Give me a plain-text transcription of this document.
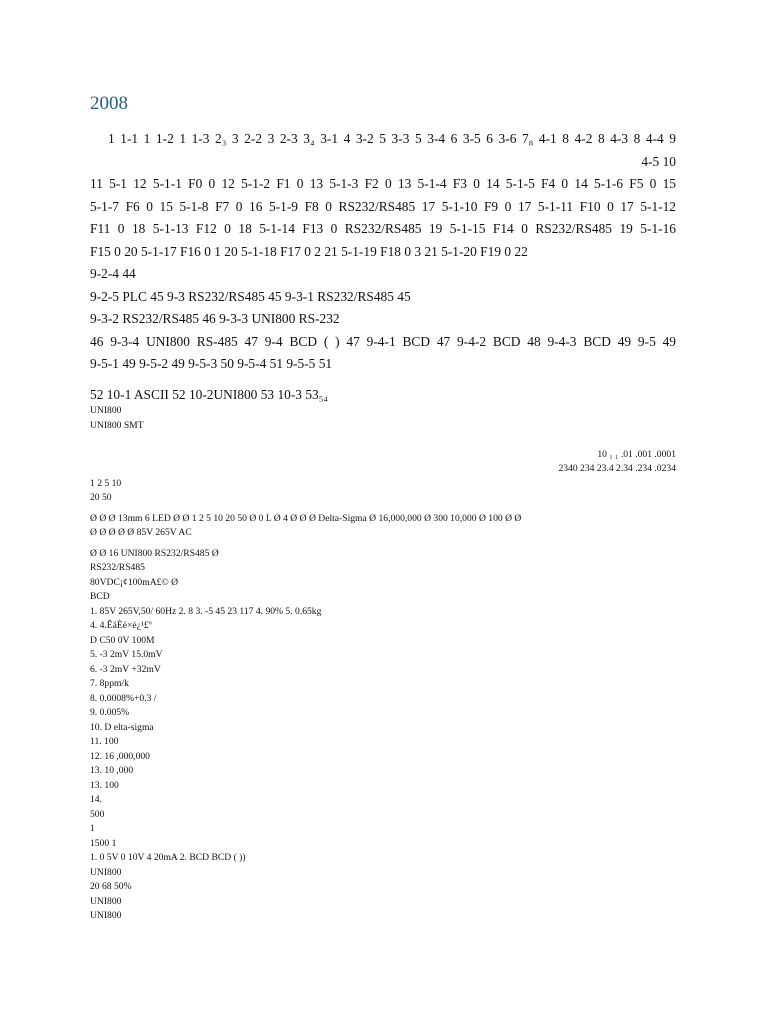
2008
1 1-1 1 1-2 1 1-3 2₃ 3 2-2 3 2-3 3₄ 3-1 4 3-2 5 3-3 5 3-4 6 3-5 6 3-6 7₈ 4-1 8 4-2 8 4-3 8 4-4 9
4-5 10
11 5-1 12 5-1-1 F0 0 12 5-1-2 F1 0 13 5-1-3 F2 0 13 5-1-4 F3 0 14 5-1-5 F4 0 14 5-1-6 F5 0 15
5-1-7 F6 0 15 5-1-8 F7 0 16 5-1-9 F8 0 RS232/RS485 17 5-1-10 F9 0 17 5-1-11 F10 0 17 5-1-12
F11 0 18 5-1-13 F12 0 18 5-1-14 F13 0 RS232/RS485 19 5-1-15 F14 0 RS232/RS485 19 5-1-16
F15 0 20 5-1-17 F16 0 1 20 5-1-18 F17 0 2 21 5-1-19 F18 0 3 21 5-1-20 F19 0 22
9-2-4 44
9-2-5 PLC 45 9-3 RS232/RS485 45 9-3-1 RS232/RS485 45
9-3-2 RS232/RS485 46 9-3-3 UNI800 RS-232
46 9-3-4 UNI800 RS-485 47 9-4 BCD ( ) 47 9-4-1 BCD 47 9-4-2 BCD 48 9-4-3 BCD 49 9-5 49
9-5-1 49 9-5-2 49 9-5-3 50 9-5-4 51 9-5-5 51
52 10-1 ASCII 52 10-2UNI800 53 10-3 53₅₄
UNI800
UNI800 SMT

10 ₁ ₁ .01 .001 .0001
2340 234 23.4 2.34 .234 .0234
1 2 5 10
20 50
Ø Ø Ø 13mm 6 LED Ø Ø 1 2 5 10 20 50 Ø 0 L Ø 4 Ø Ø Ø Delta-Sigma Ø 16,000,000 Ø 300 10,000 Ø 100 Ø Ø
Ø Ø Ø Ø Ø 85V 265V AC
Ø Ø 16 UNI800 RS232/RS485 Ø
RS232/RS485
80VDC¡¢100mA£© Ø
BCD
1. 85V 265V,50/ 60Hz 2. 8 3. -5 45 23 117 4. 90% 5. 0.65kg
4. 4.ÊäÈë×è¿¹£º
D C50 0V 100M
5. -3 2mV 15.0mV
6. -3 2mV +32mV
7. 8ppm/k
8. 0.0008%+0.3 /
9. 0.005%
10. D elta-sigma
11. 100
12. 16 ,000,000
13. 10 ,000
13. 100
14.
500
1
1500 1
1. 0 5V 0 10V 4 20mA 2. BCD BCD ( ))
UNI800
20 68 50%
UNI800
UNI800
